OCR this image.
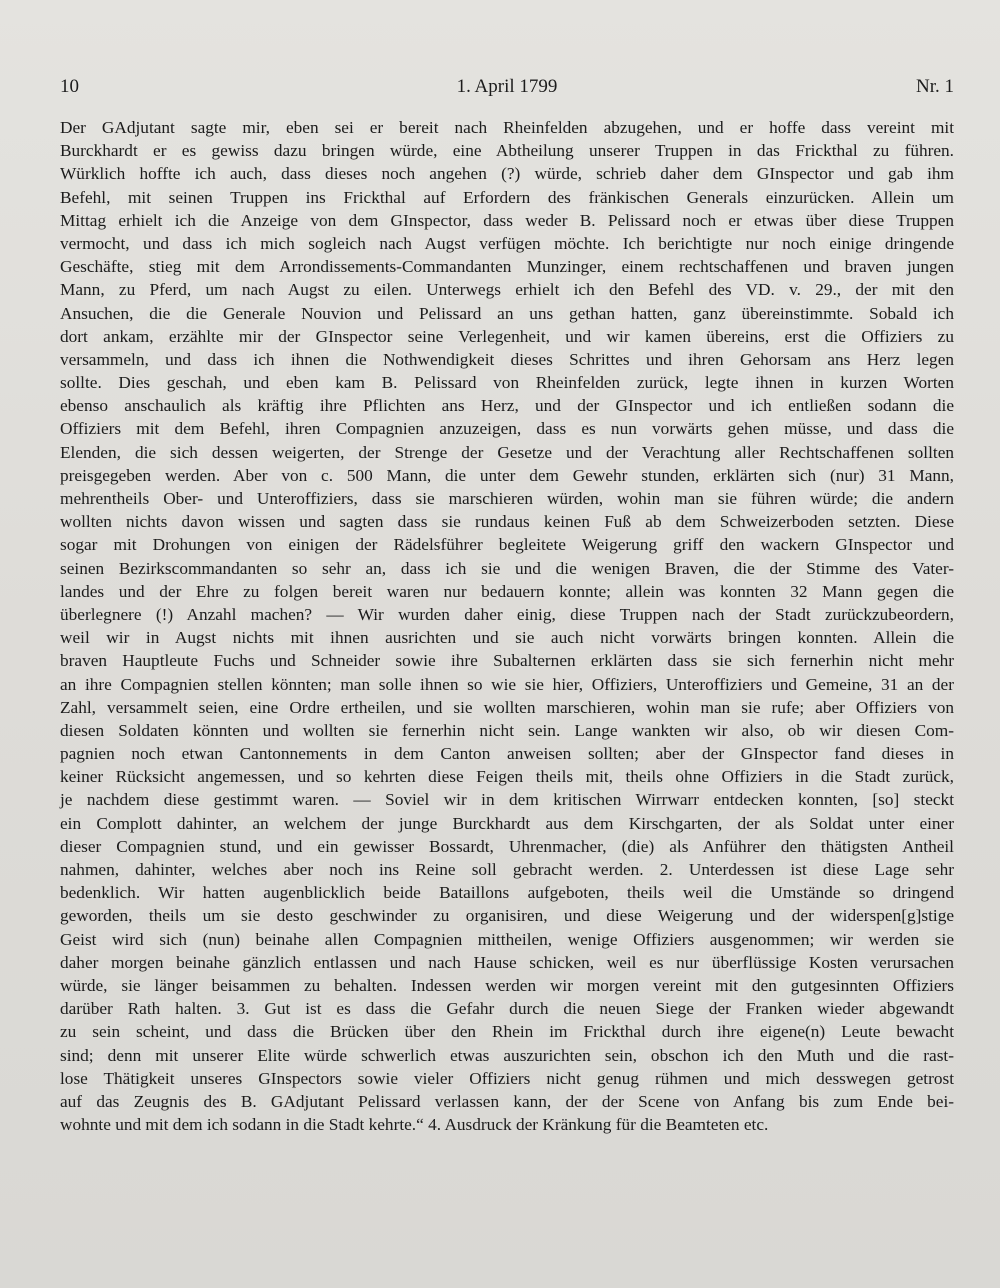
1. April 1799
10	Nr. 1
Der GAdjutant sagte mir, eben sei er bereit nach Rheinfelden abzugehen, und er hoffe dass vereint mit
Burckhardt er es gewiss dazu bringen würde, eine Abtheilung unserer Truppen in das Frickthal zu führen.
Würklich hoffte ich auch, dass dieses noch angehen (?) würde, schrieb daher dem GInspector und gab ihm
Befehl, mit seinen Truppen ins Frickthal auf Erfordern des fränkischen Generals einzurücken. Allein um
Mittag erhielt ich die Anzeige von dem GInspector, dass weder B. Pelissard noch er etwas über diese Truppen
vermocht, und dass ich mich sogleich nach Augst verfügen möchte. Ich berichtigte nur noch einige dringende
Geschäfte, stieg mit dem Arrondissements-Commandanten Munzinger, einem rechtschaffenen und braven jungen
Mann, zu Pferd, um nach Augst zu eilen. Unterwegs erhielt ich den Befehl des VD. v. 29., der mit den
Ansuchen, die die Generale Nouvion und Pelissard an uns gethan hatten, ganz übereinstimmte. Sobald ich
dort ankam, erzählte mir der GInspector seine Verlegenheit, und wir kamen übereins, erst die Offiziers zu
versammeln, und dass ich ihnen die Nothwendigkeit dieses Schrittes und ihren Gehorsam ans Herz legen
sollte. Dies geschah, und eben kam B. Pelissard von Rheinfelden zurück, legte ihnen in kurzen Worten
ebenso anschaulich als kräftig ihre Pflichten ans Herz, und der GInspector und ich entließen sodann die
Offiziers mit dem Befehl, ihren Compagnien anzuzeigen, dass es nun vorwärts gehen müsse, und dass die
Elenden, die sich dessen weigerten, der Strenge der Gesetze und der Verachtung aller Rechtschaffenen sollten
preisgegeben werden. Aber von c. 500 Mann, die unter dem Gewehr stunden, erklärten sich (nur) 31 Mann,
mehrentheils Ober- und Unteroffiziers, dass sie marschieren würden, wohin man sie führen würde; die andern
wollten nichts davon wissen und sagten dass sie rundaus keinen Fuß ab dem Schweizerboden setzten. Diese
sogar mit Drohungen von einigen der Rädelsführer begleitete Weigerung griff den wackern GInspector und
seinen Bezirkscommandanten so sehr an, dass ich sie und die wenigen Braven, die der Stimme des Vater-
landes und der Ehre zu folgen bereit waren nur bedauern konnte; allein was konnten 32 Mann gegen die
überlegnere (!) Anzahl machen? — Wir wurden daher einig, diese Truppen nach der Stadt zurückzubeordern,
weil wir in Augst nichts mit ihnen ausrichten und sie auch nicht vorwärts bringen konnten. Allein die
braven Hauptleute Fuchs und Schneider sowie ihre Subalternen erklärten dass sie sich fernerhin nicht mehr
an ihre Compagnien stellen könnten; man solle ihnen so wie sie hier, Offiziers, Unteroffiziers und Gemeine, 31 an der
Zahl, versammelt seien, eine Ordre ertheilen, und sie wollten marschieren, wohin man sie rufe; aber Offiziers von
diesen Soldaten könnten und wollten sie fernerhin nicht sein. Lange wankten wir also, ob wir diesen Com-
pagnien noch etwan Cantonnements in dem Canton anweisen sollten; aber der GInspector fand dieses in
keiner Rücksicht angemessen, und so kehrten diese Feigen theils mit, theils ohne Offiziers in die Stadt zurück,
je nachdem diese gestimmt waren. — Soviel wir in dem kritischen Wirrwarr entdecken konnten, [so] steckt
ein Complott dahinter, an welchem der junge Burckhardt aus dem Kirschgarten, der als Soldat unter einer
dieser Compagnien stund, und ein gewisser Bossardt, Uhrenmacher, (die) als Anführer den thätigsten Antheil
nahmen, dahinter, welches aber noch ins Reine soll gebracht werden. 2. Unterdessen ist diese Lage sehr
bedenklich. Wir hatten augenblicklich beide Bataillons aufgeboten, theils weil die Umstände so dringend
geworden, theils um sie desto geschwinder zu organisiren, und diese Weigerung und der widerspen[g]stige
Geist wird sich (nun) beinahe allen Compagnien mittheilen, wenige Offiziers ausgenommen; wir werden sie
daher morgen beinahe gänzlich entlassen und nach Hause schicken, weil es nur überflüssige Kosten verursachen
würde, sie länger beisammen zu behalten. Indessen werden wir morgen vereint mit den gutgesinnten Offiziers
darüber Rath halten. 3. Gut ist es dass die Gefahr durch die neuen Siege der Franken wieder abgewandt
zu sein scheint, und dass die Brücken über den Rhein im Frickthal durch ihre eigene(n) Leute bewacht
sind; denn mit unserer Elite würde schwerlich etwas auszurichten sein, obschon ich den Muth und die rast-
lose Thätigkeit unseres GInspectors sowie vieler Offiziers nicht genug rühmen und mich desswegen getrost
auf das Zeugnis des B. GAdjutant Pelissard verlassen kann, der der Scene von Anfang bis zum Ende bei-
wohnte und mit dem ich sodann in die Stadt kehrte.“ 4. Ausdruck der Kränkung für die Beamteten etc.
